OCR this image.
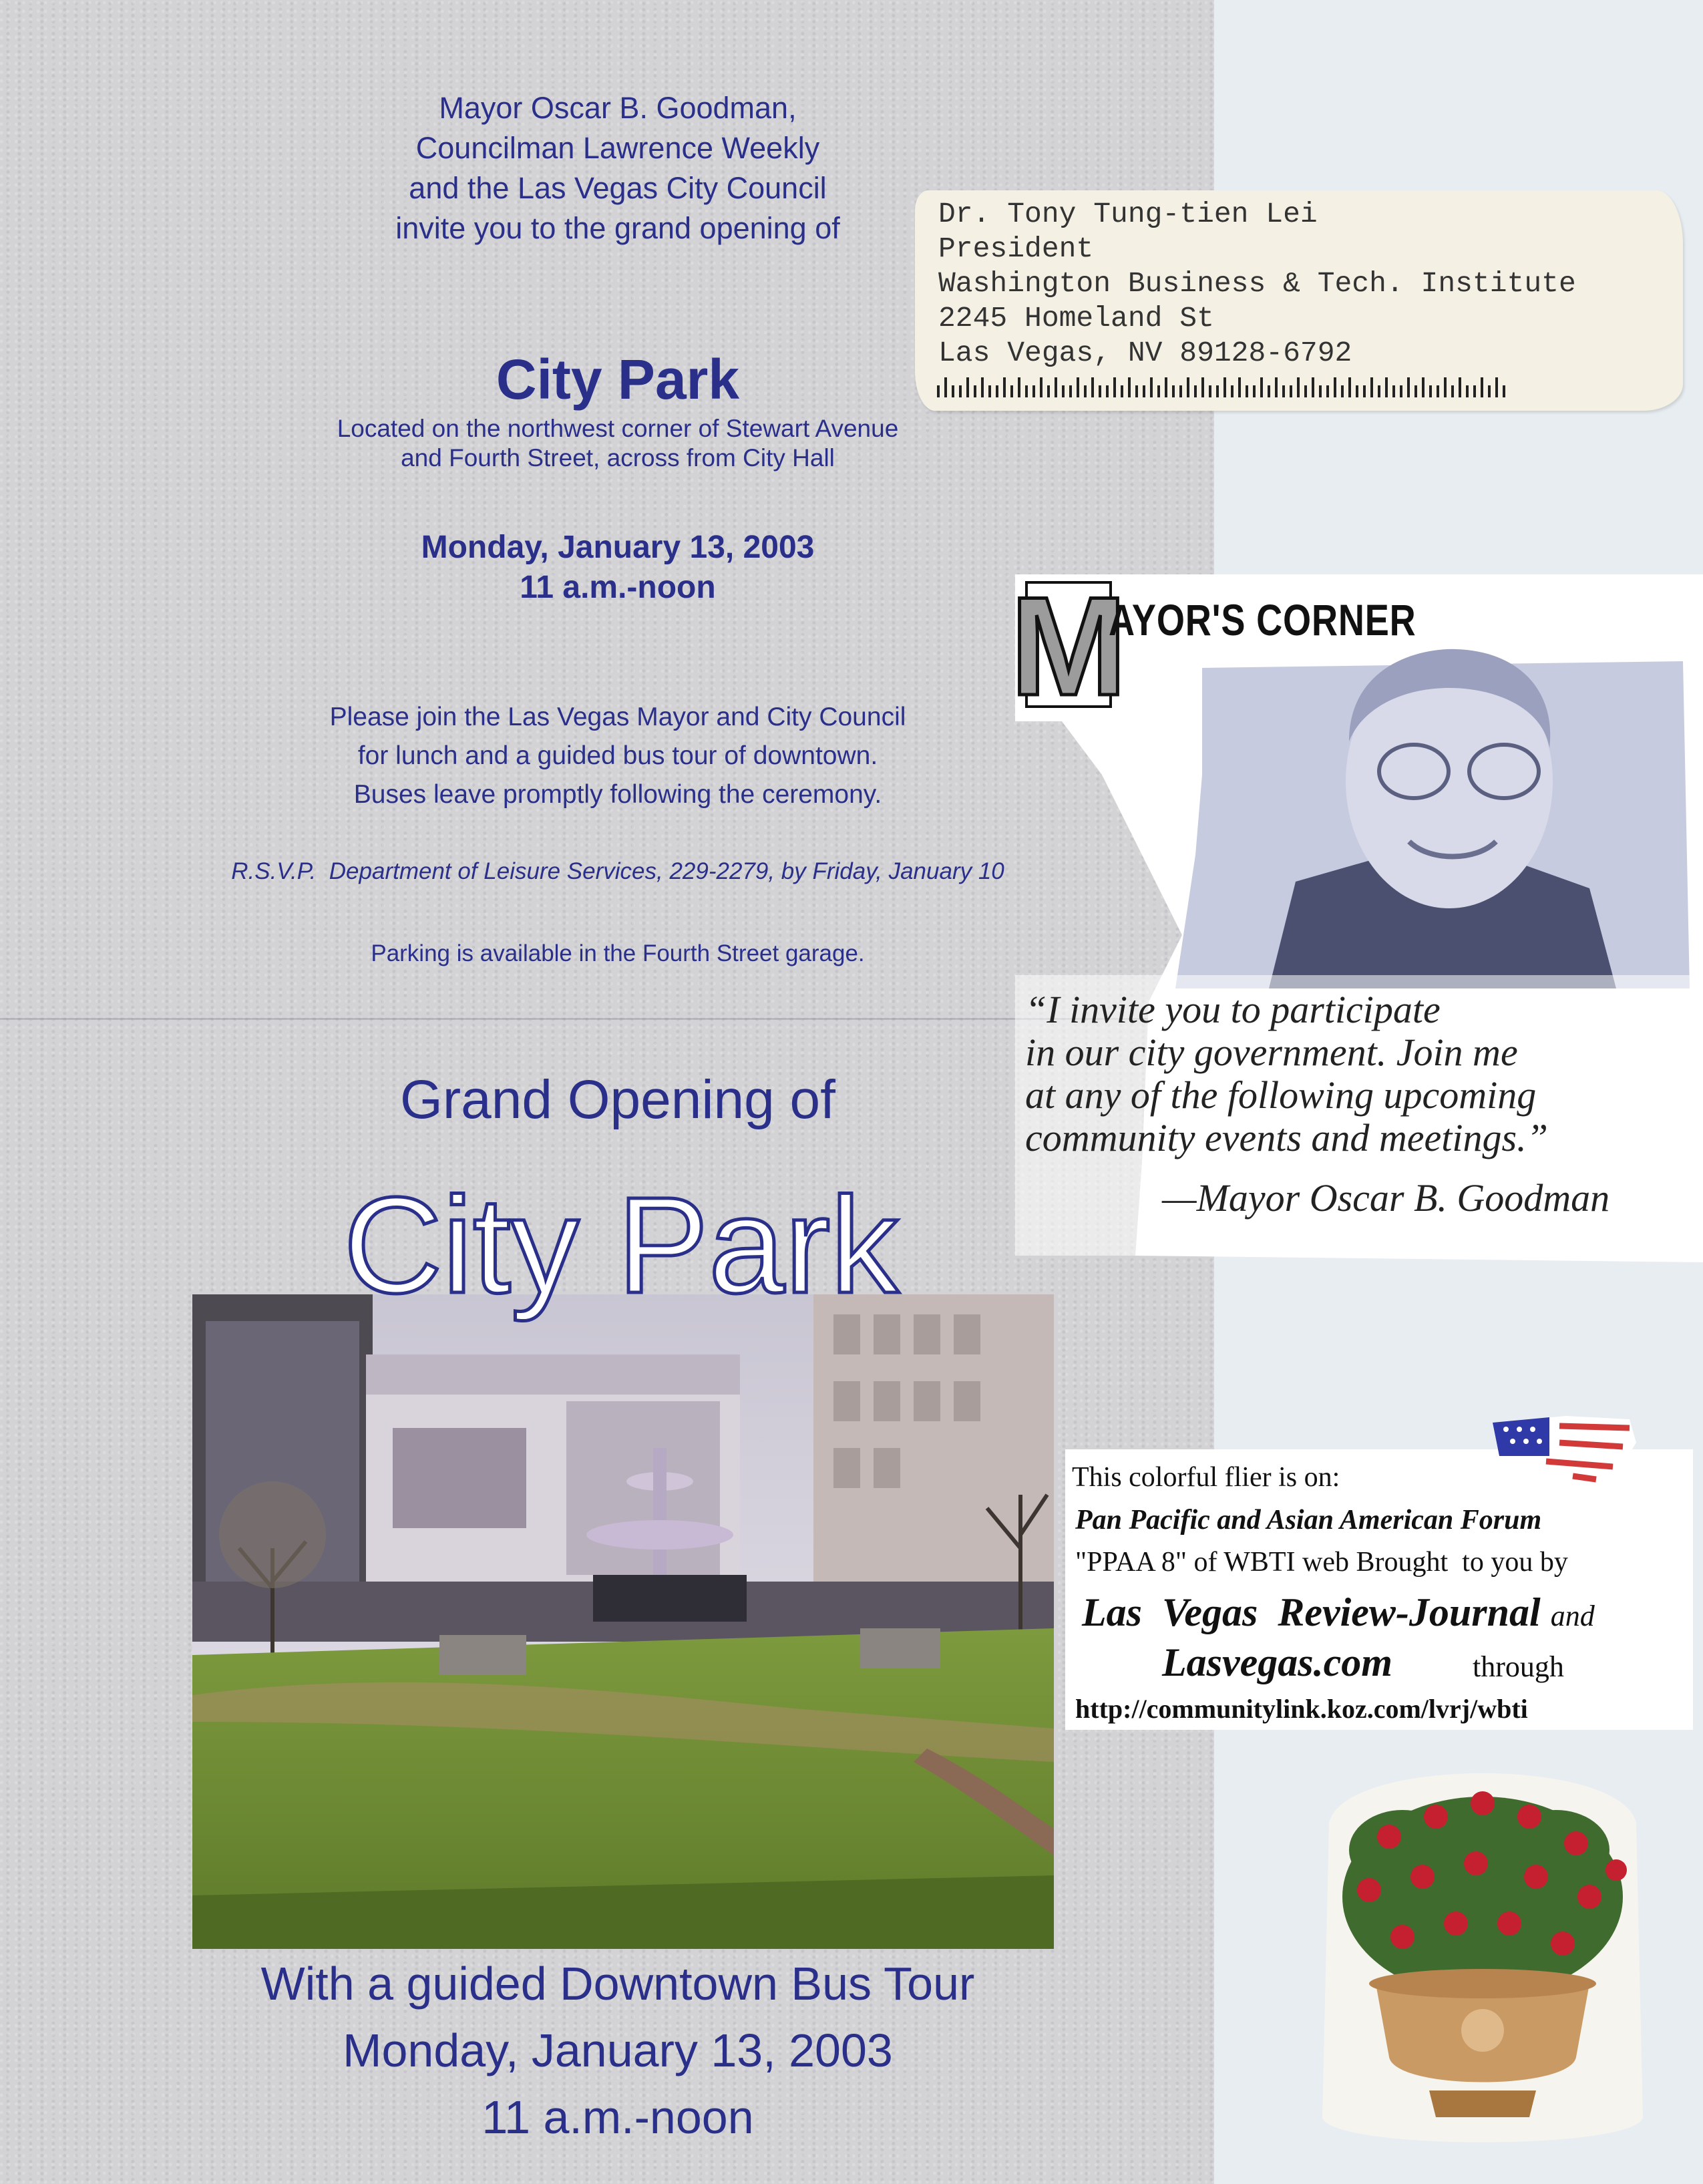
Mayor Oscar B. Goodman,
Councilman Lawrence Weekly
and the Las Vegas City Council
invite you to the grand opening of
City Park
Located on the northwest corner of Stewart Avenue
and Fourth Street, across from City Hall
Monday, January 13, 2003
11 a.m.-noon
Please join the Las Vegas Mayor and City Council
for lunch and a guided bus tour of downtown.
Buses leave promptly following the ceremony.
R.S.V.P.  Department of Leisure Services, 229-2279, by Friday, January 10
Parking is available in the Fourth Street garage.
Grand Opening of
City Park
With a guided Downtown Bus Tour
Monday, January 13, 2003
11 a.m.-noon
Dr. Tony Tung-tien Lei
President
Washington Business & Tech. Institute
2245 Homeland St
Las Vegas, NV 89128-6792
M
AYOR'S CORNER
“I invite you to participate
in our city government. Join me
at any of the following upcoming
community events and meetings.”
—Mayor Oscar B. Goodman
This colorful flier is on:
Pan Pacific and Asian American Forum
"PPAA 8" of WBTI web Brought  to you by
Las  Vegas  Review-Journal and
Lasvegas.com	through
http://communitylink.koz.com/lvrj/wbti
